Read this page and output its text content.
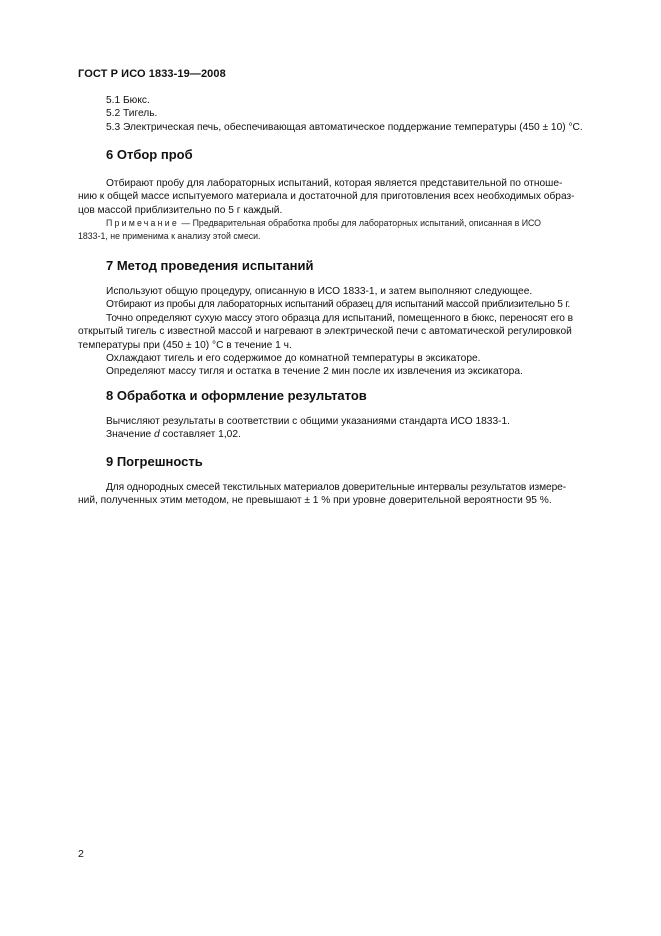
ГОСТ Р ИСО 1833-19—2008
5.1 Бюкс.
5.2 Тигель.
5.3 Электрическая печь, обеспечивающая автоматическое поддержание температуры (450 ± 10) °С.
6 Отбор проб
Отбирают пробу для лабораторных испытаний, которая является представительной по отноше-
нию к общей массе испытуемого материала и достаточной для приготовления всех необходимых образ-
цов массой приблизительно по 5 г каждый.
Примечание — Предварительная обработка пробы для лабораторных испытаний, описанная в ИСО
1833-1, не применима к анализу этой смеси.
7 Метод проведения испытаний
Используют общую процедуру, описанную в ИСО 1833-1, и затем выполняют следующее.
Отбирают из пробы для лабораторных испытаний образец для испытаний массой приблизительно 5 г.
Точно определяют сухую массу этого образца для испытаний, помещенного в бюкс, переносят его в
открытый тигель с известной массой и нагревают в электрической печи с автоматической регулировкой
температуры при (450 ± 10) °С в течение 1 ч.
Охлаждают тигель и его содержимое до комнатной температуры в эксикаторе.
Определяют массу тигля и остатка в течение 2 мин после их извлечения из эксикатора.
8 Обработка и оформление результатов
Вычисляют результаты в соответствии с общими указаниями стандарта ИСО 1833-1.
Значение d составляет 1,02.
9 Погрешность
Для однородных смесей текстильных материалов доверительные интервалы результатов измере-
ний, полученных этим методом, не превышают ± 1 % при уровне доверительной вероятности 95 %.
2
